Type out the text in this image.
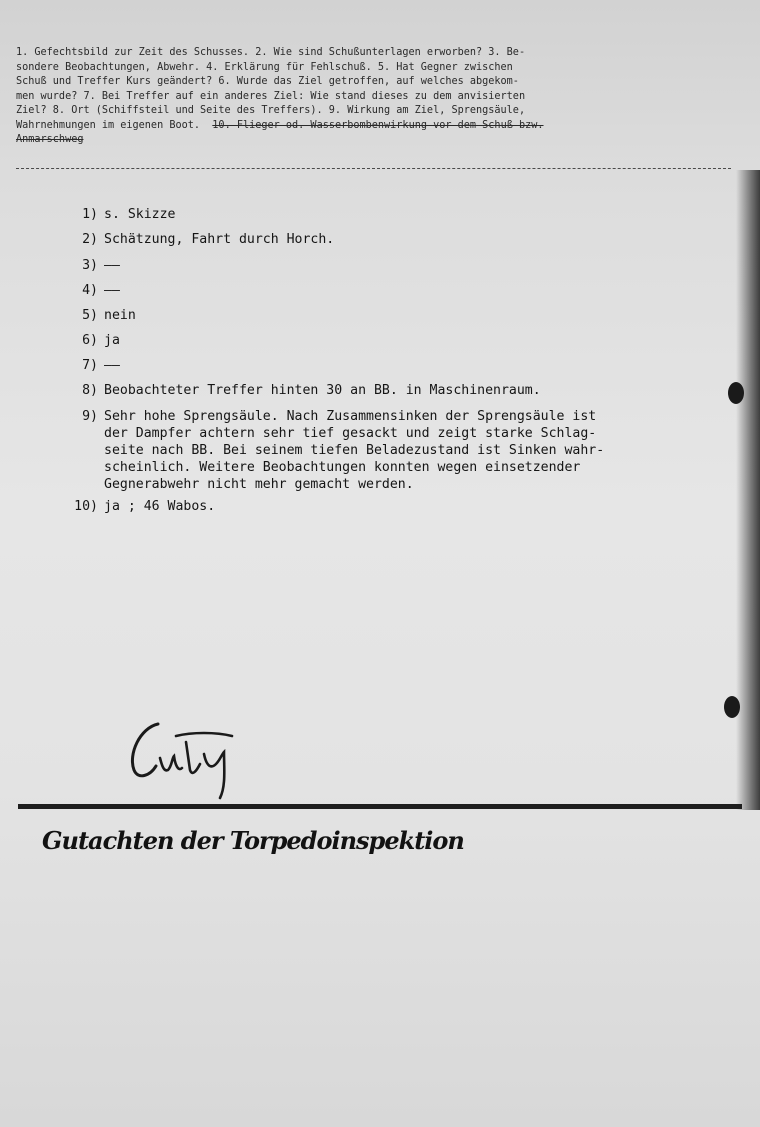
1. Gefechtsbild zur Zeit des Schusses. 2. Wie sind Schußunterlagen erworben? 3. Be-

sondere Beobachtungen, Abwehr. 4. Erklärung für Fehlschuß. 5. Hat Gegner zwischen

Schuß und Treffer Kurs geändert? 6. Wurde das Ziel getroffen, auf welches abgekom-

men wurde? 7. Bei Treffer auf ein anderes Ziel: Wie stand dieses zu dem anvisierten

Ziel? 8. Ort (Schiffsteil und Seite des Treffers). 9. Wirkung am Ziel, Sprengsäule,

Wahrnehmungen im eigenen Boot. 10. Flieger od. Wasserbombenwirkung vor dem Schuß bzw.

Anmarschweg

1) s. Skizze
2) Schätzung, Fahrt durch Horch.
3) ——
4) ——
5) nein
6) ja
7) ——
8) Beobachteter Treffer hinten 30 an BB. in Maschinenraum.
9) Sehr hohe Sprengsäule. Nach Zusammensinken der Sprengsäule ist
der Dampfer achtern sehr tief gesackt und zeigt starke Schlag-
seite nach BB. Bei seinem tiefen Beladezustand ist Sinken wahr-
scheinlich. Weitere Beobachtungen konnten wegen einsetzender
Gegnerabwehr nicht mehr gemacht werden.
10) ja ; 46 Wabos.
Gutachten der Torpedoinspektion
